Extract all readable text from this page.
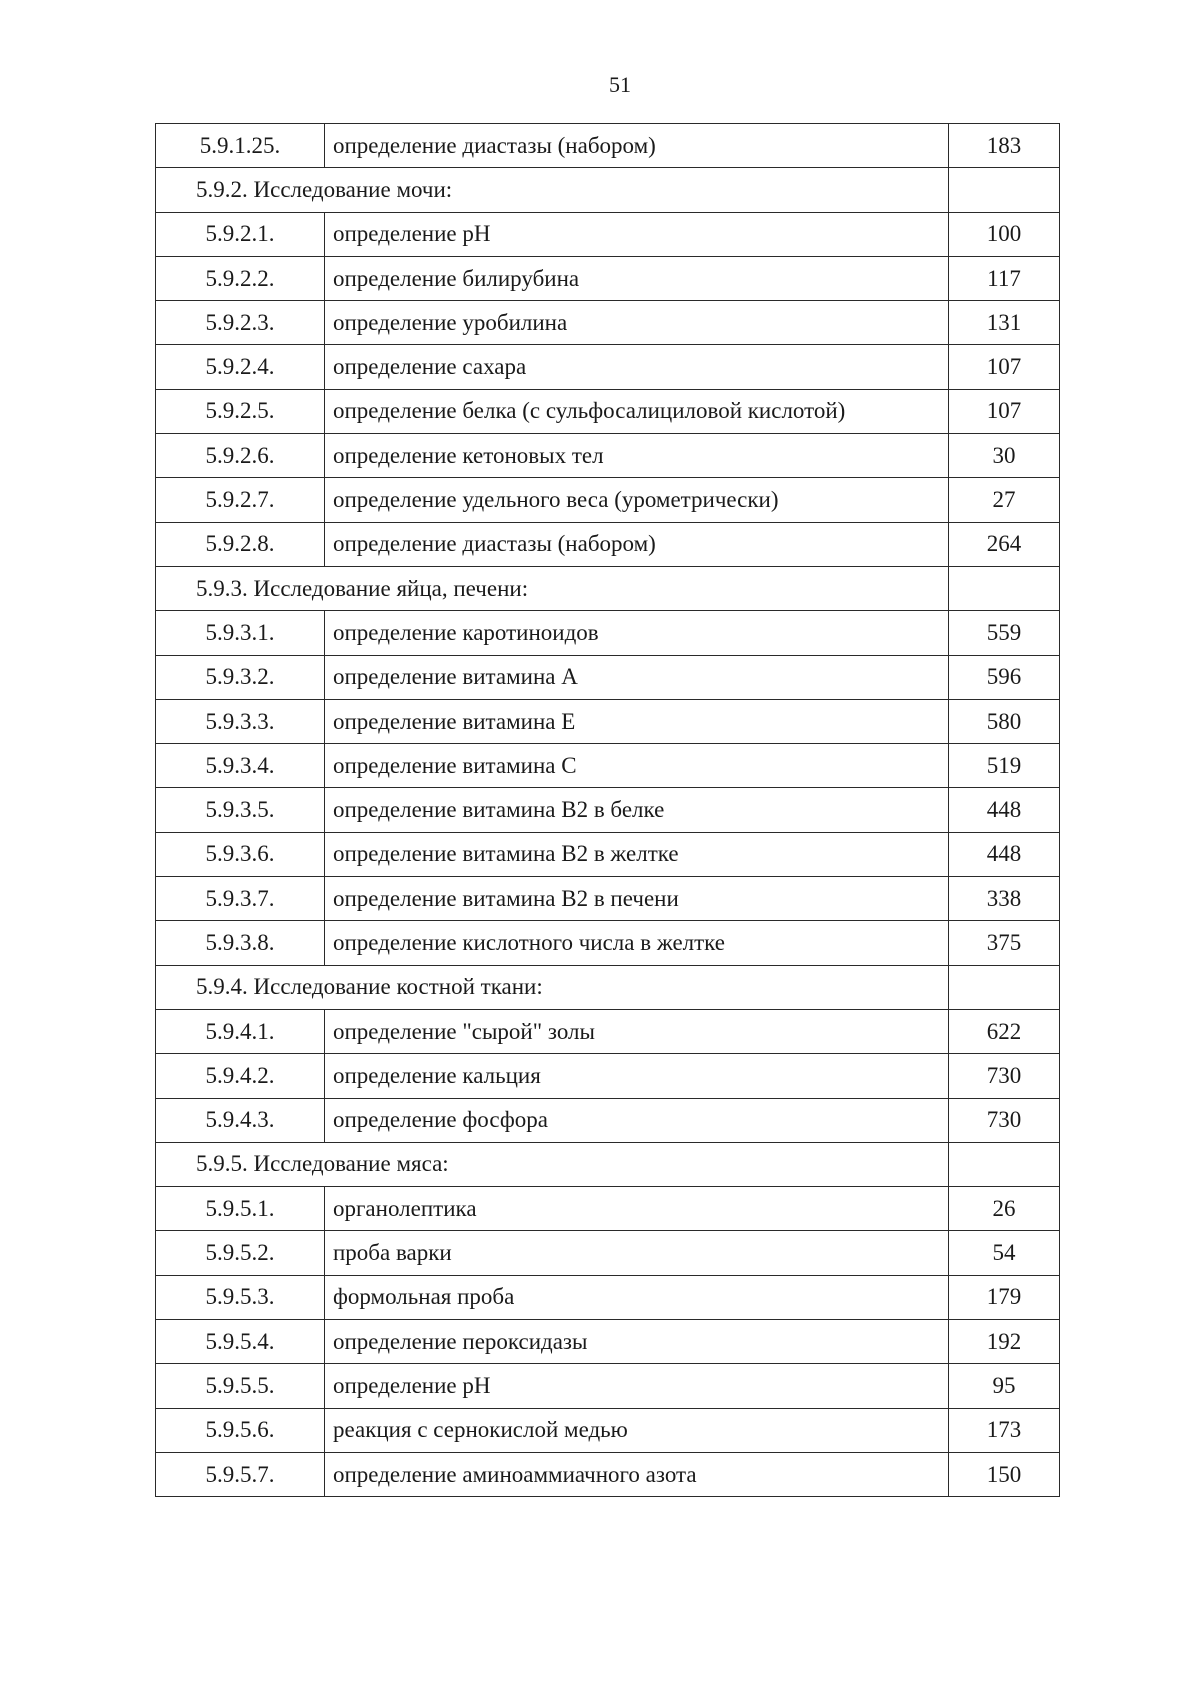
51
5.9.1.25.	определение диастазы (набором)	183
5.9.2. Исследование мочи:		
5.9.2.1.	определение pH	100
5.9.2.2.	определение билирубина	117
5.9.2.3.	определение уробилина	131
5.9.2.4.	определение сахара	107
5.9.2.5.	определение белка (с сульфосалициловой кислотой)	107
5.9.2.6.	определение кетоновых тел	30
5.9.2.7.	определение удельного веса (урометрически)	27
5.9.2.8.	определение диастазы (набором)	264
5.9.3. Исследование яйца, печени:		
5.9.3.1.	определение каротиноидов	559
5.9.3.2.	определение витамина А	596
5.9.3.3.	определение витамина Е	580
5.9.3.4.	определение витамина С	519
5.9.3.5.	определение витамина В2 в белке	448
5.9.3.6.	определение витамина В2 в желтке	448
5.9.3.7.	определение витамина В2 в печени	338
5.9.3.8.	определение кислотного числа в желтке	375
5.9.4. Исследование костной ткани:		
5.9.4.1.	определение "сырой" золы	622
5.9.4.2.	определение кальция	730
5.9.4.3.	определение фосфора	730
5.9.5. Исследование мяса:		
5.9.5.1.	органолептика	26
5.9.5.2.	проба варки	54
5.9.5.3.	формольная проба	179
5.9.5.4.	определение пероксидазы	192
5.9.5.5.	определение pH	95
5.9.5.6.	реакция с сернокислой медью	173
5.9.5.7.	определение аминоаммиачного азота	150
